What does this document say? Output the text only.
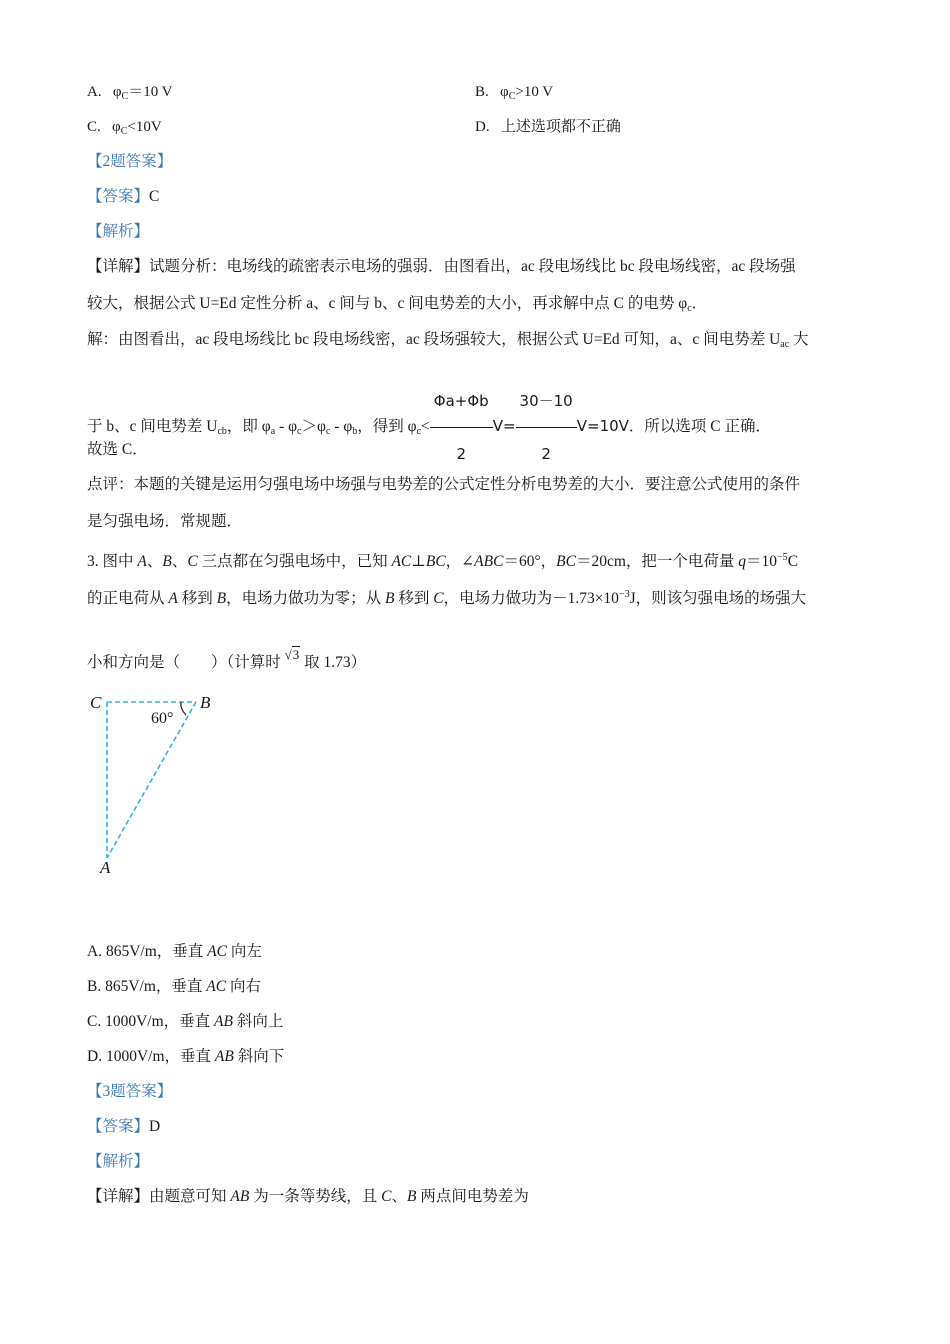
A. $\varphi_C=10$ V	B. $\varphi_C>10$ V
C. $\varphi_C<10V$	D. 上述选项都不正确
【2题答案】
【答案】C
【解析】
【详解】试题分析：电场线的疏密表示电场的强弱．由图看出，ac 段电场线比 bc 段电场线密，ac 段场强
较大，根据公式 U=Ed 定性分析 a、c 间与 b、c 间电势差的大小，再求解中点 C 的电势 $\varphi_c$．
解：由图看出，ac 段电场线比 bc 段电场线密，ac 段场强较大，根据公式 U=Ed 可知，a、c 间电势差 $U_{ac}$ 大
于 b、c 间电势差 $U_{cb}$，即 $\varphi_a - \varphi_c>\varphi_c - \varphi_b$，得到 $\varphi_c< \frac{\Phi a+\Phi b}{2} V= \frac{30-10}{2} V=10V$．所以选项 C 正确．
故选 C．
点评：本题的关键是运用匀强电场中场强与电势差的公式定性分析电势差的大小．要注意公式使用的条件
是匀强电场．常规题．
3. 图中 A、B、C 三点都在匀强电场中，已知 AC⊥BC，∠ABC＝60°，BC＝20cm，把一个电荷量 $q=10^{-5}C$
的正电荷从 A 移到 B，电场力做功为零；从 B 移到 C，电场力做功为$-1.73\times 10^{-3}J$，则该匀强电场的场强大
小和方向是（　　）（计算时 √3 取 1.73）
C	B
A
60°
A. 865V/m，垂直 AC 向左
B. 865V/m，垂直 AC 向右
C. 1000V/m，垂直 AB 斜向上
D. 1000V/m，垂直 AB 斜向下
【3题答案】
【答案】D
【解析】
【详解】由题意可知 AB 为一条等势线，且 C、B 两点间电势差为
